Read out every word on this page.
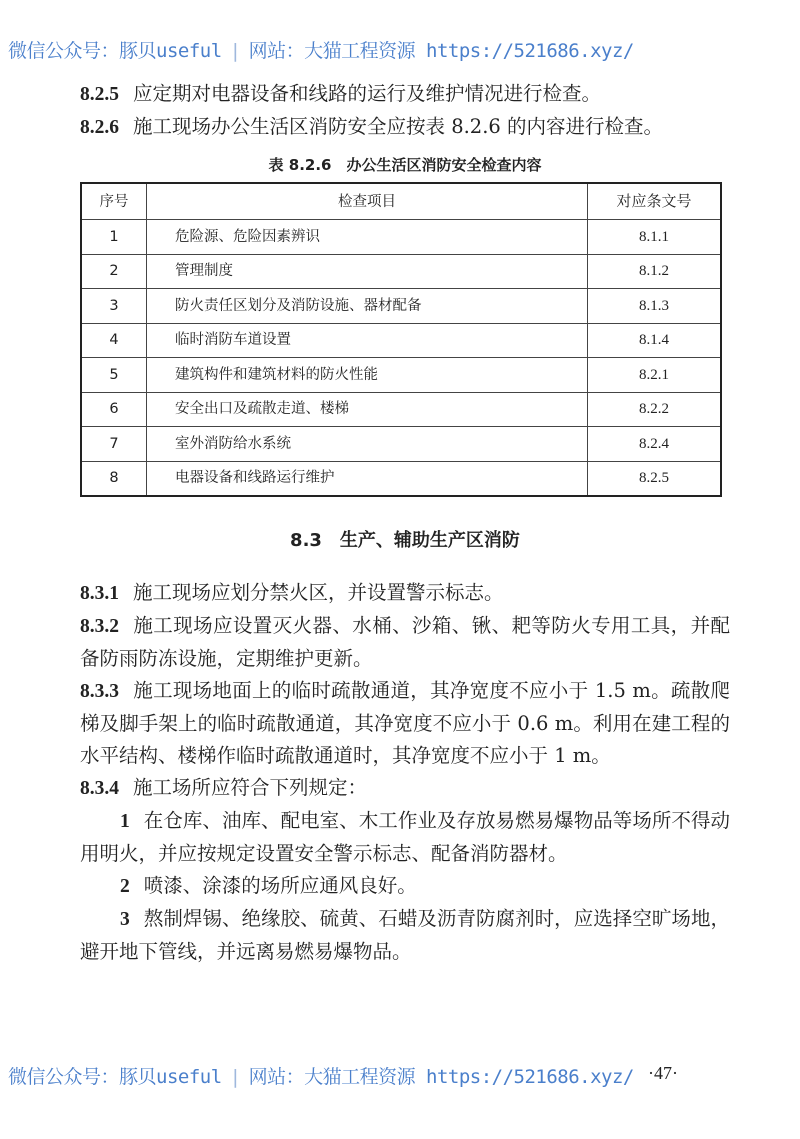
微信公众号：豚贝useful | 网站：大猫工程资源 https://521686.xyz/

8.2.5 应定期对电器设备和线路的运行及维护情况进行检查。

8.2.6 施工现场办公生活区消防安全应按表 8.2.6 的内容进行检查。

表 8.2.6　办公生活区消防安全检查内容
序号	检查项目	对应条文号
1	危险源、危险因素辨识	8.1.1
2	管理制度	8.1.2
3	防火责任区划分及消防设施、器材配备	8.1.3
4	临时消防车道设置	8.1.4
5	建筑构件和建筑材料的防火性能	8.2.1
6	安全出口及疏散走道、楼梯	8.2.2
7	室外消防给水系统	8.2.4
8	电器设备和线路运行维护	8.2.5
8.3　生产、辅助生产区消防

8.3.1 施工现场应划分禁火区，并设置警示标志。

8.3.2 施工现场应设置灭火器、水桶、沙箱、锹、耙等防火专用工具，并配备防雨防冻设施，定期维护更新。

8.3.3 施工现场地面上的临时疏散通道，其净宽度不应小于 1.5 m。疏散爬梯及脚手架上的临时疏散通道，其净宽度不应小于 0.6 m。利用在建工程的水平结构、楼梯作临时疏散通道时，其净宽度不应小于 1 m。

8.3.4 施工场所应符合下列规定：

1 在仓库、油库、配电室、木工作业及存放易燃易爆物品等场所不得动用明火，并应按规定设置安全警示标志、配备消防器材。

2 喷漆、涂漆的场所应通风良好。

3 熬制焊锡、绝缘胶、硫黄、石蜡及沥青防腐剂时，应选择空旷场地，避开地下管线，并远离易燃易爆物品。

·47·
微信公众号：豚贝useful | 网站：大猫工程资源 https://521686.xyz/
